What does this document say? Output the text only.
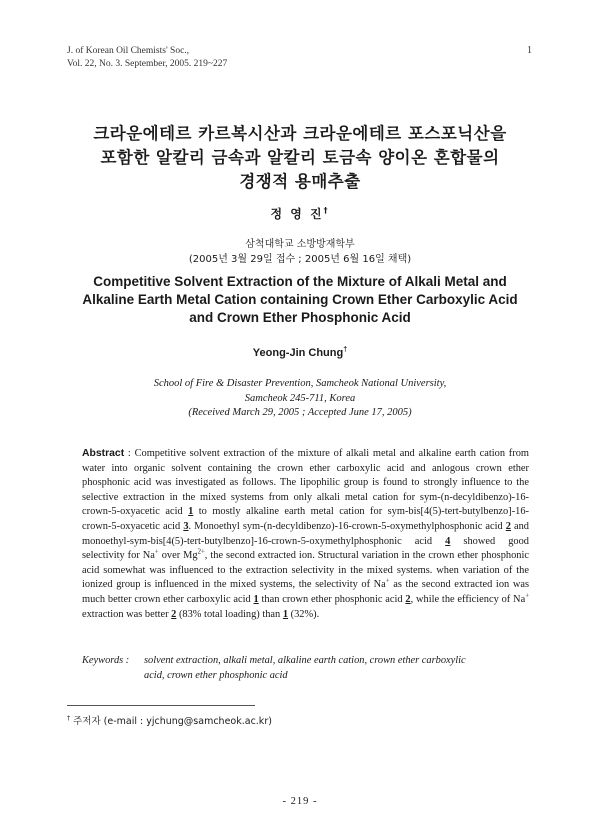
J. of Korean Oil Chemists' Soc.,
Vol. 22, No. 3. September, 2005. 219~227
1
크라운에테르 카르복시산과 크라운에테르 포스포닉산을
포함한 알칼리 금속과 알칼리 토금속 양이온 혼합물의
경쟁적 용매추출
정 영 진†
삼척대학교 소방방재학부
(2005년 3월 29일 접수 ; 2005년 6월 16일 채택)
Competitive Solvent Extraction of the Mixture of Alkali Metal and
Alkaline Earth Metal Cation containing Crown Ether Carboxylic Acid
and Crown Ether Phosphonic Acid
Yeong-Jin Chung†
School of Fire & Disaster Prevention, Samcheok National University,
Samcheok 245-711, Korea
(Received March 29, 2005 ; Accepted June 17, 2005)
Abstract : Competitive solvent extraction of the mixture of alkali metal and alkaline earth cation from water into organic solvent containing the crown ether carboxylic acid and anlogous crown ether phosphonic acid was investigated as follows. The lipophilic group is found to strongly influence to the selective extraction in the mixed systems from only alkali metal cation for sym-(n-decyldibenzo)-16-crown-5-oxyacetic acid 1 to mostly alkaline earth metal cation for sym-bis[4(5)-tert-butylbenzo]-16-crown-5-oxyacetic acid 3. Monoethyl sym-(n-decyldibenzo)-16-crown-5-oxymethylphosphonic acid 2 and monoethyl-sym-bis[4(5)-tert-butylbenzo]-16-crown-5-oxymethylphosphonic acid 4 showed good selectivity for Na+ over $Mg^{2+}$, the second extracted ion. Structural variation in the crown ether phosphonic acid somewhat was influenced to the extraction selectivity in the mixed systems. when variation of the ionized group is influenced in the mixed systems, the selectivity of Na+ as the second extracted ion was much better crown ether carboxylic acid 1 than crown ether phosphonic acid 2, while the efficiency of Na+ extraction was better 2 (83% total loading) than 1 (32%).
Keywords : solvent extraction, alkali metal, alkaline earth cation, crown ether carboxylic
acid, crown ether phosphonic acid
† 주저자 (e-mail : yjchung@samcheok.ac.kr)
- 219 -
